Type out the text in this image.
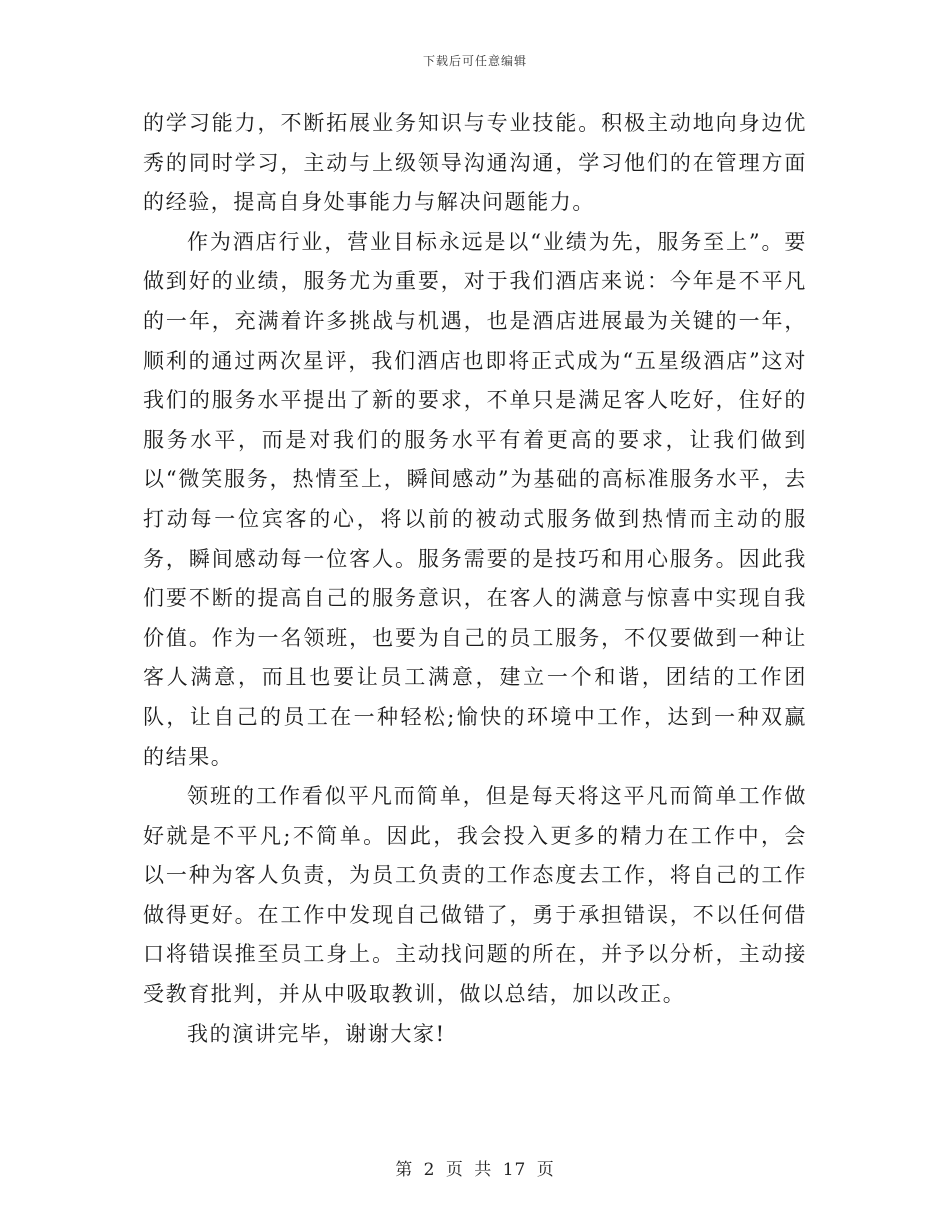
下载后可任意编辑

的学习能力，不断拓展业务知识与专业技能。积极主动地向身边优秀的同时学习，主动与上级领导沟通沟通，学习他们的在管理方面的经验，提高自身处事能力与解决问题能力。

作为酒店行业，营业目标永远是以“业绩为先，服务至上”。要做到好的业绩，服务尤为重要，对于我们酒店来说：今年是不平凡的一年，充满着许多挑战与机遇，也是酒店进展最为关键的一年，顺利的通过两次星评，我们酒店也即将正式成为“五星级酒店”这对我们的服务水平提出了新的要求，不单只是满足客人吃好，住好的服务水平，而是对我们的服务水平有着更高的要求，让我们做到以“微笑服务，热情至上，瞬间感动”为基础的高标准服务水平，去打动每一位宾客的心，将以前的被动式服务做到热情而主动的服务，瞬间感动每一位客人。服务需要的是技巧和用心服务。因此我们要不断的提高自己的服务意识，在客人的满意与惊喜中实现自我价值。作为一名领班，也要为自己的员工服务，不仅要做到一种让客人满意，而且也要让员工满意，建立一个和谐，团结的工作团队，让自己的员工在一种轻松;愉快的环境中工作，达到一种双赢的结果。

领班的工作看似平凡而简单，但是每天将这平凡而简单工作做好就是不平凡;不简单。因此，我会投入更多的精力在工作中，会以一种为客人负责，为员工负责的工作态度去工作，将自己的工作做得更好。在工作中发现自己做错了，勇于承担错误，不以任何借口将错误推至员工身上。主动找问题的所在，并予以分析，主动接受教育批判，并从中吸取教训，做以总结，加以改正。

我的演讲完毕，谢谢大家!

第 2 页 共 17 页
